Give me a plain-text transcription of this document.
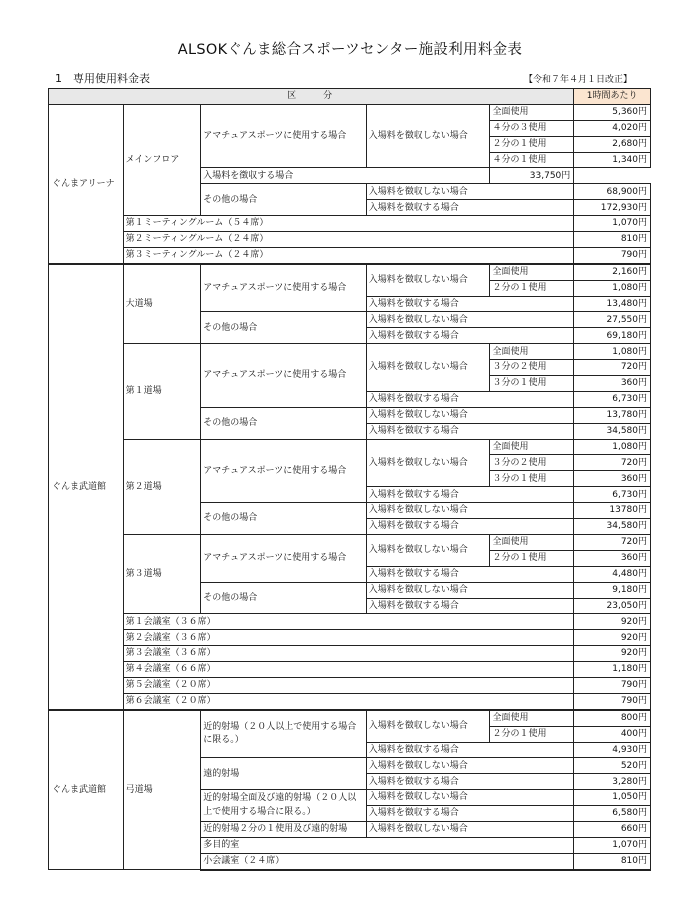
ALSOKぐんま総合スポーツセンター施設利用料金表
1　専用使用料金表	【令和７年４月１日改正】
区　　分					1時間あたり
ぐんまアリーナ	メインフロア	アマチュアスポーツに使用する場合	入場料を徴収しない場合	全面使用	5,360円
				４分の３使用	4,020円
				２分の１使用	2,680円
				４分の１使用	1,340円
		入場料を徴収する場合		33,750円	
		その他の場合	入場料を徴収しない場合		68,900円
			入場料を徴収する場合		172,930円
	第１ミーティングルーム（５４席）				1,070円
	第２ミーティングルーム（２４席）				810円
	第３ミーティングルーム（２４席）				790円
ぐんま武道館	大道場	アマチュアスポーツに使用する場合	入場料を徴収しない場合	全面使用	2,160円
				２分の１使用	1,080円
			入場料を徴収する場合		13,480円
		その他の場合	入場料を徴収しない場合		27,550円
			入場料を徴収する場合		69,180円
	第１道場	アマチュアスポーツに使用する場合	入場料を徴収しない場合	全面使用	1,080円
				３分の２使用	720円
				３分の１使用	360円
			入場料を徴収する場合		6,730円
		その他の場合	入場料を徴収しない場合		13,780円
			入場料を徴収する場合		34,580円
	第２道場	アマチュアスポーツに使用する場合	入場料を徴収しない場合	全面使用	1,080円
				３分の２使用	720円
				３分の１使用	360円
			入場料を徴収する場合		6,730円
		その他の場合	入場料を徴収しない場合		13780円
			入場料を徴収する場合		34,580円
	第３道場	アマチュアスポーツに使用する場合	入場料を徴収しない場合	全面使用	720円
				２分の１使用	360円
			入場料を徴収する場合		4,480円
		その他の場合	入場料を徴収しない場合		9,180円
			入場料を徴収する場合		23,050円
	第１会議室（３６席）				920円
	第２会議室（３６席）				920円
	第３会議室（３６席）				920円
	第４会議室（６６席）				1,180円
	第５会議室（２０席）				790円
	第６会議室（２０席）				790円
ぐんま武道館	弓道場	近的射場（２０人以上で使用する場合に限る。）	入場料を徴収しない場合	全面使用	800円
				２分の１使用	400円
			入場料を徴収する場合		4,930円
		遠的射場	入場料を徴収しない場合		520円
			入場料を徴収する場合		3,280円
		近的射場全面及び遠的射場（２０人以上で使用する場合に限る。）	入場料を徴収しない場合		1,050円
			入場料を徴収する場合		6,580円
		近的射場２分の１使用及び遠的射場	入場料を徴収しない場合		660円
		多目的室			1,070円
		小会議室（２４席）			810円
